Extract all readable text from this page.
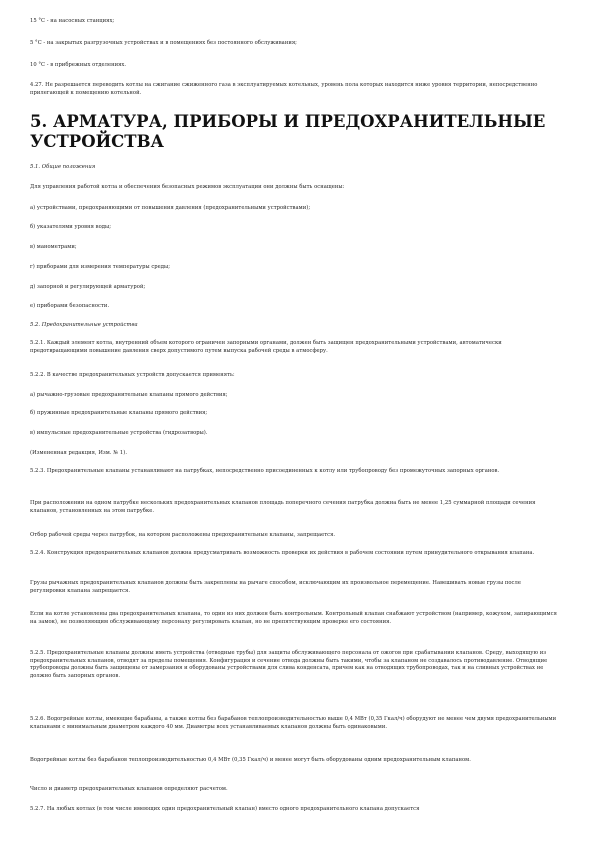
15 °С - на насосных станциях;

5 °С - на закрытых разгрузочных устройствах и в помещениях без постоянного обслуживания;

10 °С - в прибрежных отделениях.

4.27. Не разрешается переводить котлы на сжигание сжиженного газа в эксплуатируемых котельных, уровень пола которых находится ниже уровня территории, непосредственно прилегающей к помещению котельной.

5. АРМАТУРА, ПРИБОРЫ И ПРЕДОХРАНИТЕЛЬНЫЕ УСТРОЙСТВА

5.1. Общие положения

Для управления работой котла и обеспечения безопасных режимов эксплуатации они должны быть оснащены:

а) устройствами, предохраняющими от повышения давления (предохранительными устройствами);

б) указателями уровня воды;

в) манометрами;

г) приборами для измерения температуры среды;

д) запорной и регулирующей арматурой;

е) приборами безопасности.

5.2. Предохранительные устройства

5.2.1. Каждый элемент котла, внутренний объем которого ограничен запорными органами, должен быть защищен предохранительными устройствами, автоматически предотвращающими повышение давления сверх допустимого путем выпуска рабочей среды в атмосферу.

5.2.2. В качестве предохранительных устройств допускается применять:

а) рычажно-грузовые предохранительные клапаны прямого действия;

б) пружинные предохранительные клапаны прямого действия;

в) импульсные предохранительные устройства (гидрозатворы).

(Измененная редакция, Изм. № 1).

5.2.3. Предохранительные клапаны устанавливают на патрубках, непосредственно присоединенных к котлу или трубопроводу без промежуточных запорных органов.

При расположении на одном патрубке нескольких предохранительных клапанов площадь поперечного сечения патрубка должна быть не менее 1,25 суммарной площади сечения клапанов, установленных на этом патрубке.

Отбор рабочей среды через патрубок, на котором расположены предохранительные клапаны, запрещается.

5.2.4. Конструкция предохранительных клапанов должна предусматривать возможность проверки их действия в рабочем состоянии путем принудительного открывания клапана.

Грузы рычажных предохранительных клапанов должны быть закреплены на рычаге способом, исключающим их произвольное перемещение. Навешивать новые грузы после регулировки клапана запрещается.

Если на котле установлены два предохранительных клапана, то один из них должен быть контрольным. Контрольный клапан снабжают устройством (например, кожухом, запирающимся на замок), не позволяющим обслуживающему персоналу регулировать клапан, но не препятствующим проверке его состояния.

5.2.5. Предохранительные клапаны должны иметь устройства (отводные трубы) для защиты обслуживающего персонала от ожогов при срабатывании клапанов. Среду, выходящую из предохранительных клапанов, отводят за пределы помещения. Конфигурация и сечение отвода должны быть такими, чтобы за клапаном не создавалось противодавление. Отводящие трубопроводы должны быть защищены от замерзания и оборудованы устройствами для слива конденсата, причем как на отводящих трубопроводах, так и на сливных устройствах не должно быть запорных органов.

5.2.6. Водогрейные котлы, имеющие барабаны, а также котлы без барабанов теплопроизводительностью выше 0,4 МВт (0,35 Гкал/ч) оборудуют не менее чем двумя предохранительными клапанами с минимальным диаметром каждого 40 мм. Диаметры всех устанавливаемых клапанов должны быть одинаковыми.

Водогрейные котлы без барабанов теплопроизводительностью 0,4 МВт (0,35 Гкал/ч) и менее могут быть оборудованы одним предохранительным клапаном.

Число и диаметр предохранительных клапанов определяют расчетом.

5.2.7. На любых котлах (в том числе имеющих один предохранительный клапан) вместо одного предохранительного клапана допускается
